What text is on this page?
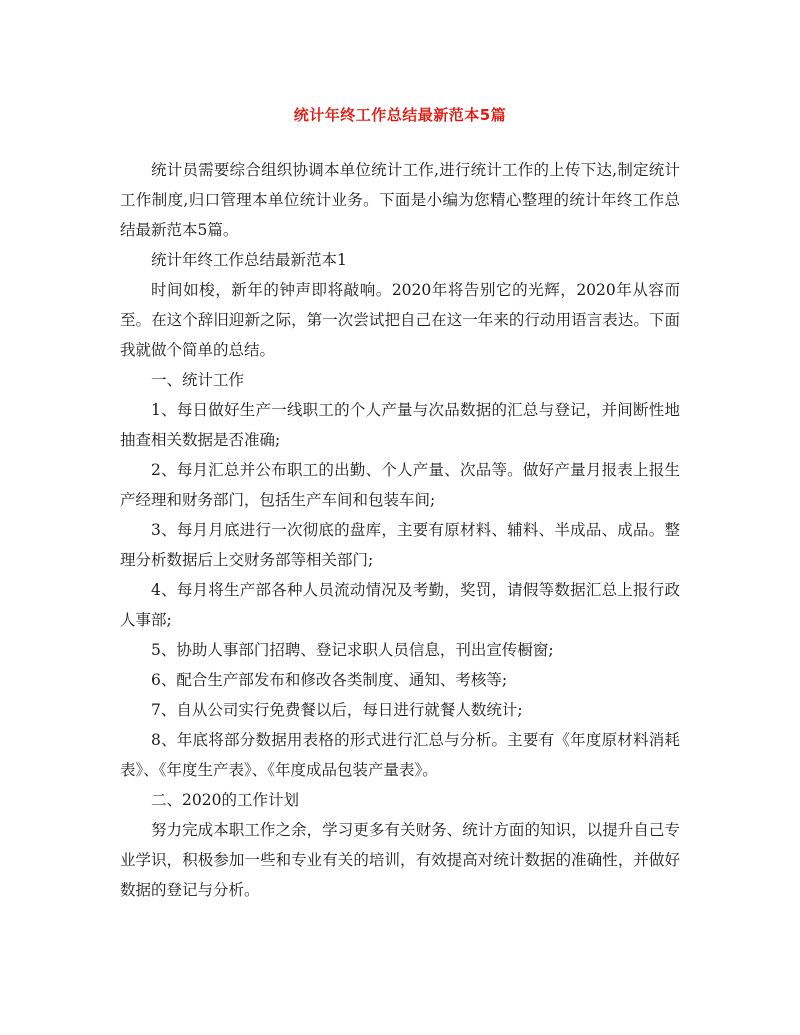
统计年终工作总结最新范本5篇

统计员需要综合组织协调本单位统计工作,进行统计工作的上传下达,制定统计工作制度,归口管理本单位统计业务。下面是小编为您精心整理的统计年终工作总结最新范本5篇。

统计年终工作总结最新范本1

时间如梭，新年的钟声即将敲响。2020年将告别它的光辉，2020年从容而至。在这个辞旧迎新之际，第一次尝试把自己在这一年来的行动用语言表达。下面我就做个简单的总结。

一、统计工作

1、每日做好生产一线职工的个人产量与次品数据的汇总与登记，并间断性地抽查相关数据是否准确;

2、每月汇总并公布职工的出勤、个人产量、次品等。做好产量月报表上报生产经理和财务部门，包括生产车间和包装车间;

3、每月月底进行一次彻底的盘库，主要有原材料、辅料、半成品、成品。整理分析数据后上交财务部等相关部门;

4、每月将生产部各种人员流动情况及考勤，奖罚，请假等数据汇总上报行政人事部;

5、协助人事部门招聘、登记求职人员信息，刊出宣传橱窗;

6、配合生产部发布和修改各类制度、通知、考核等;

7、自从公司实行免费餐以后，每日进行就餐人数统计;

8、年底将部分数据用表格的形式进行汇总与分析。主要有《年度原材料消耗表》、《年度生产表》、《年度成品包装产量表》。

二、2020的工作计划

努力完成本职工作之余，学习更多有关财务、统计方面的知识，以提升自己专业学识，积极参加一些和专业有关的培训，有效提高对统计数据的准确性，并做好数据的登记与分析。
